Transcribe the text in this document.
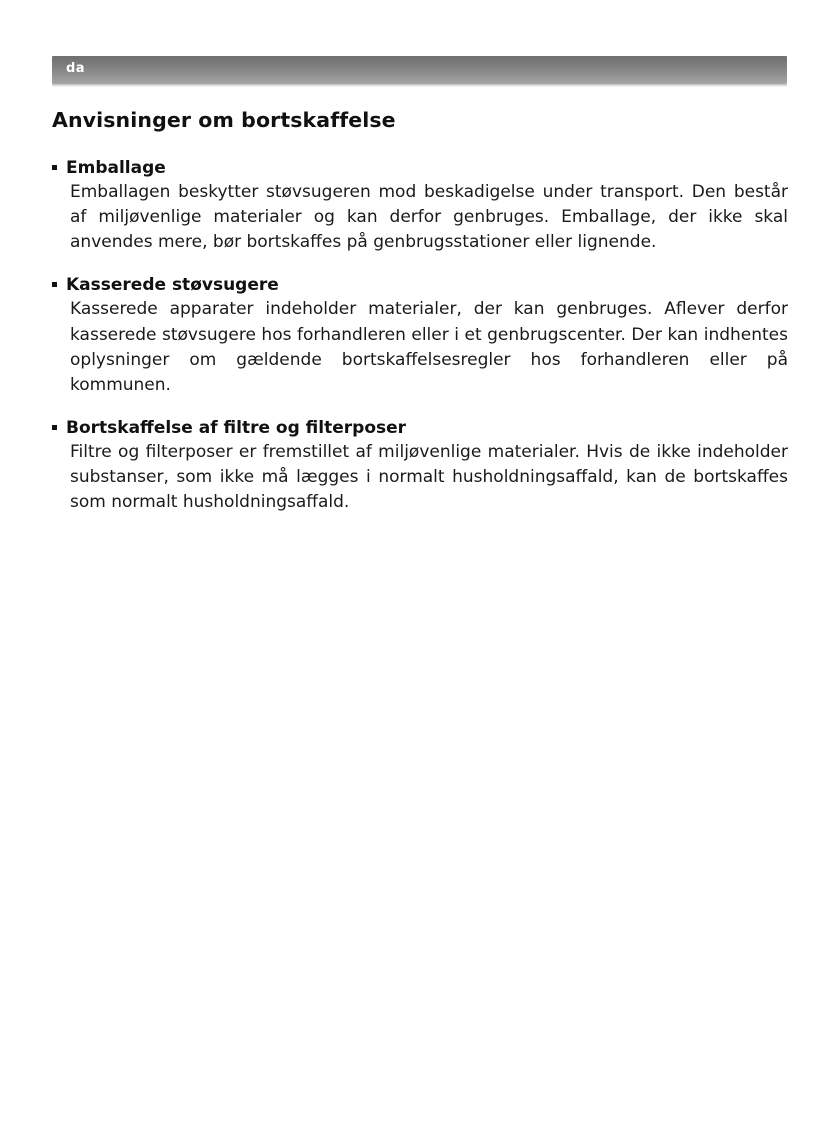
da
Anvisninger om bortskaffelse
Emballage

Emballagen beskytter støvsugeren mod beskadigelse under transport. Den består af miljøvenlige materialer og kan derfor genbruges. Emballage, der ikke skal anvendes mere, bør bortskaffes på genbrugsstationer eller lignende.

Kasserede støvsugere

Kasserede apparater indeholder materialer, der kan genbruges. Aflever derfor kasserede støvsugere hos forhandleren eller i et genbrugscenter. Der kan indhentes oplysninger om gældende bortskaffelsesregler hos forhandleren eller på kommunen.

Bortskaffelse af filtre og filterposer

Filtre og filterposer er fremstillet af miljøvenlige materialer. Hvis de ikke indeholder substanser, som ikke må lægges i normalt husholdningsaffald, kan de bortskaffes som normalt husholdningsaffald.
